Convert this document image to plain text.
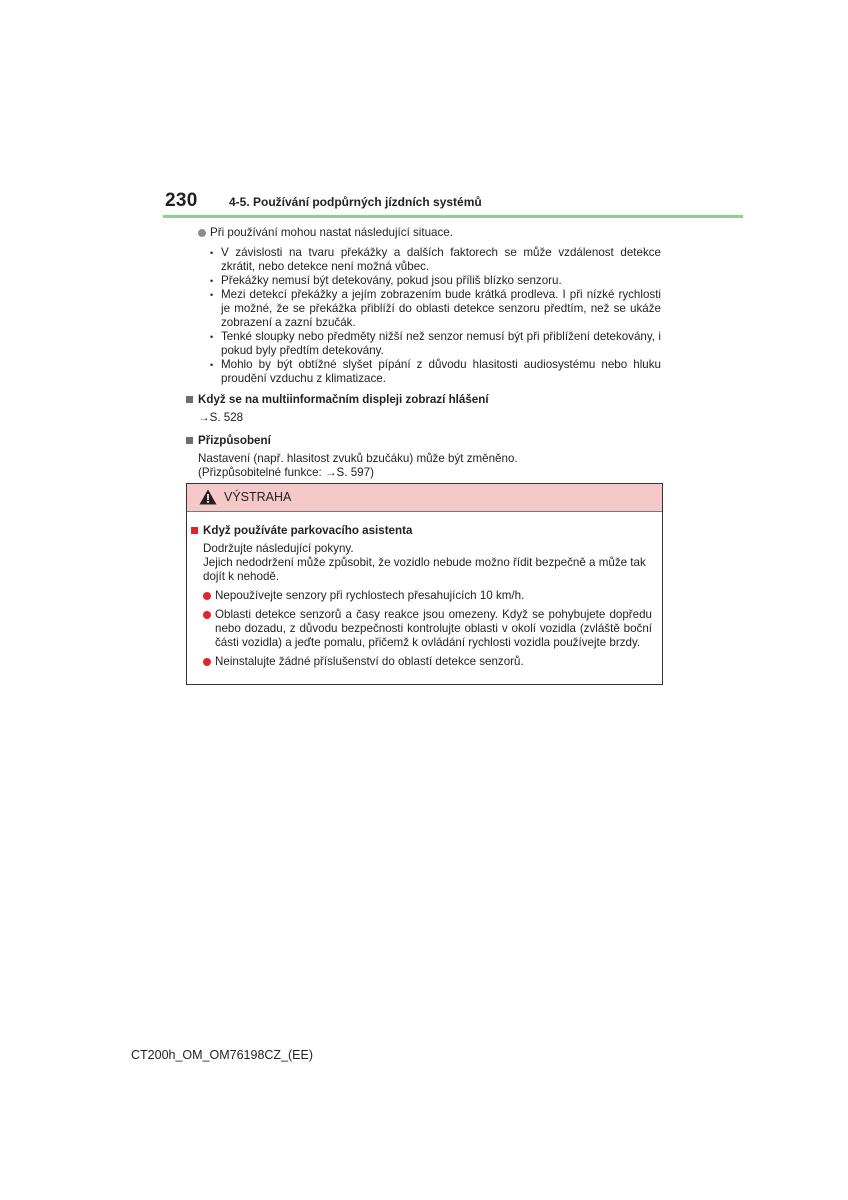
230	4-5. Používání podpůrných jízdních systémů
Při používání mohou nastat následující situace.
• V závislosti na tvaru překážky a dalších faktorech se může vzdálenost detekce zkrátit, nebo detekce není možná vůbec.
• Překážky nemusí být detekovány, pokud jsou příliš blízko senzoru.
• Mezi detekcí překážky a jejím zobrazením bude krátká prodleva. I při nízké rychlosti je možné, že se překážka přiblíží do oblasti detekce senzoru předtím, než se ukáže zobrazení a zazní bzučák.
• Tenké sloupky nebo předměty nižší než senzor nemusí být při přiblížení detekovány, i pokud byly předtím detekovány.
• Mohlo by být obtížné slyšet pípání z důvodu hlasitosti audiosystému nebo hluku proudění vzduchu z klimatizace.
Když se na multiinformačním displeji zobrazí hlášení
→S. 528
Přizpůsobení
Nastavení (např. hlasitost zvuků bzučáku) může být změněno.
(Přizpůsobitelné funkce: →S. 597)
VÝSTRAHA
Když používáte parkovacího asistenta
Dodržujte následující pokyny.
Jejich nedodržení může způsobit, že vozidlo nebude možno řídit bezpečně a může tak dojít k nehodě.
Nepoužívejte senzory při rychlostech přesahujících 10 km/h.
Oblasti detekce senzorů a časy reakce jsou omezeny. Když se pohybujete dopředu nebo dozadu, z důvodu bezpečnosti kontrolujte oblasti v okolí vozidla (zvláště boční části vozidla) a jeďte pomalu, přičemž k ovládání rychlosti vozidla používejte brzdy.
Neinstalujte žádné příslušenství do oblastí detekce senzorů.
CT200h_OM_OM76198CZ_(EE)
